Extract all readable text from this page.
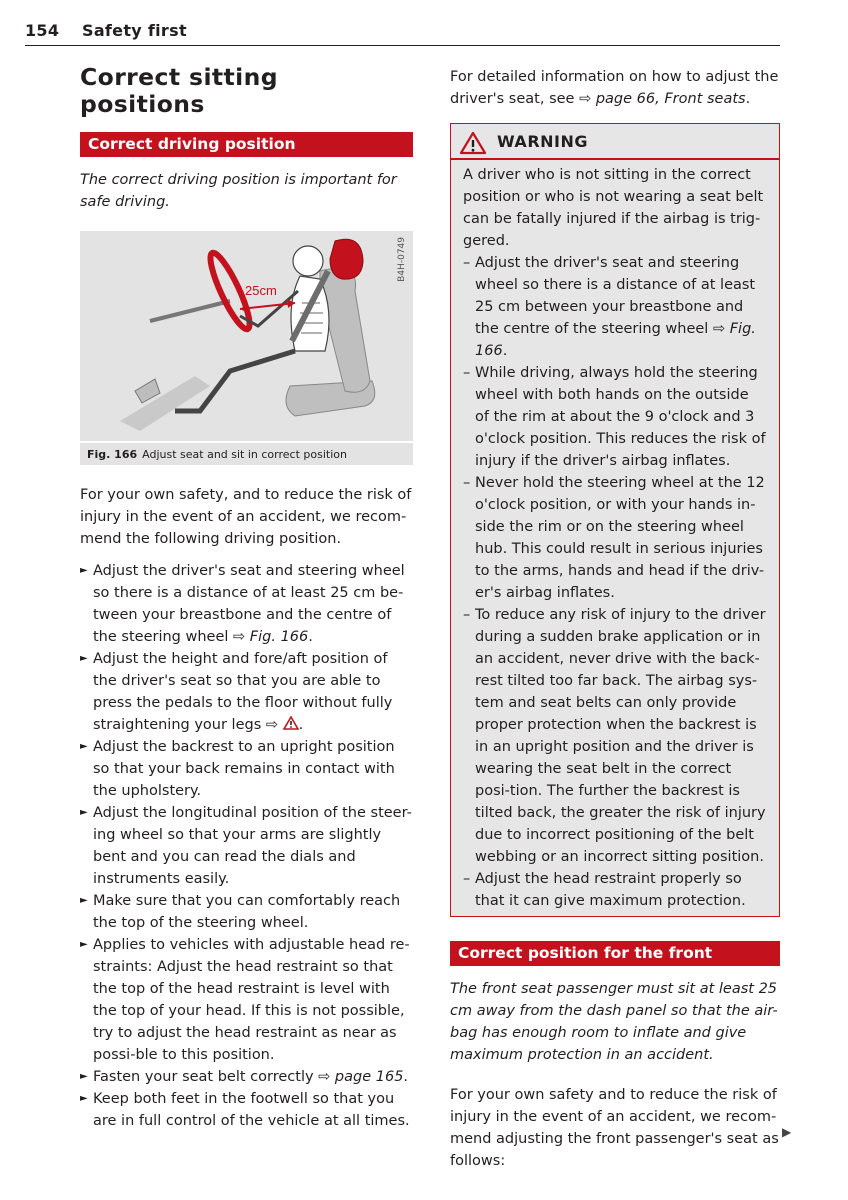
154 Safety first
Correct sitting
positions
Correct driving position

The correct driving position is important for safe driving.

25cm
B4H-0749
Fig. 166 Adjust seat and sit in correct position

For your own safety, and to reduce the risk of injury in the event of an accident, we recom-mend the following driving position.

► Adjust the driver's seat and steering wheel so there is a distance of at least 25 cm be-tween your breastbone and the centre of the steering wheel ⇨ Fig. 166.
► Adjust the height and fore/aft position of the driver's seat so that you are able to press the pedals to the floor without fully straightening your legs ⇨ .
► Adjust the backrest to an upright position so that your back remains in contact with the upholstery.
► Adjust the longitudinal position of the steer-ing wheel so that your arms are slightly bent and you can read the dials and instruments easily.
► Make sure that you can comfortably reach the top of the steering wheel.
► Applies to vehicles with adjustable head re-straints: Adjust the head restraint so that the top of the head restraint is level with the top of your head. If this is not possible, try to adjust the head restraint as near as possi-ble to this position.
► Fasten your seat belt correctly ⇨ page 165.
► Keep both feet in the footwell so that you are in full control of the vehicle at all times.

For detailed information on how to adjust the driver's seat, see ⇨ page 66, Front seats.

WARNING

A driver who is not sitting in the correct position or who is not wearing a seat belt can be fatally injured if the airbag is trig-gered.

– Adjust the driver's seat and steering wheel so there is a distance of at least 25 cm between your breastbone and the centre of the steering wheel ⇨ Fig. 166.
– While driving, always hold the steering wheel with both hands on the outside of the rim at about the 9 o'clock and 3 o'clock position. This reduces the risk of injury if the driver's airbag inflates.
– Never hold the steering wheel at the 12 o'clock position, or with your hands in-side the rim or on the steering wheel hub. This could result in serious injuries to the arms, hands and head if the driv-er's airbag inflates.
– To reduce any risk of injury to the driver during a sudden brake application or in an accident, never drive with the back-rest tilted too far back. The airbag sys-tem and seat belts can only provide proper protection when the backrest is in an upright position and the driver is wearing the seat belt in the correct posi-tion. The further the backrest is tilted back, the greater the risk of injury due to incorrect positioning of the belt webbing or an incorrect sitting position.
– Adjust the head restraint properly so that it can give maximum protection.
Correct position for the front passenger

The front seat passenger must sit at least 25 cm away from the dash panel so that the air-bag has enough room to inflate and give maximum protection in an accident.

For your own safety and to reduce the risk of injury in the event of an accident, we recom-mend adjusting the front passenger's seat as follows:

▶
